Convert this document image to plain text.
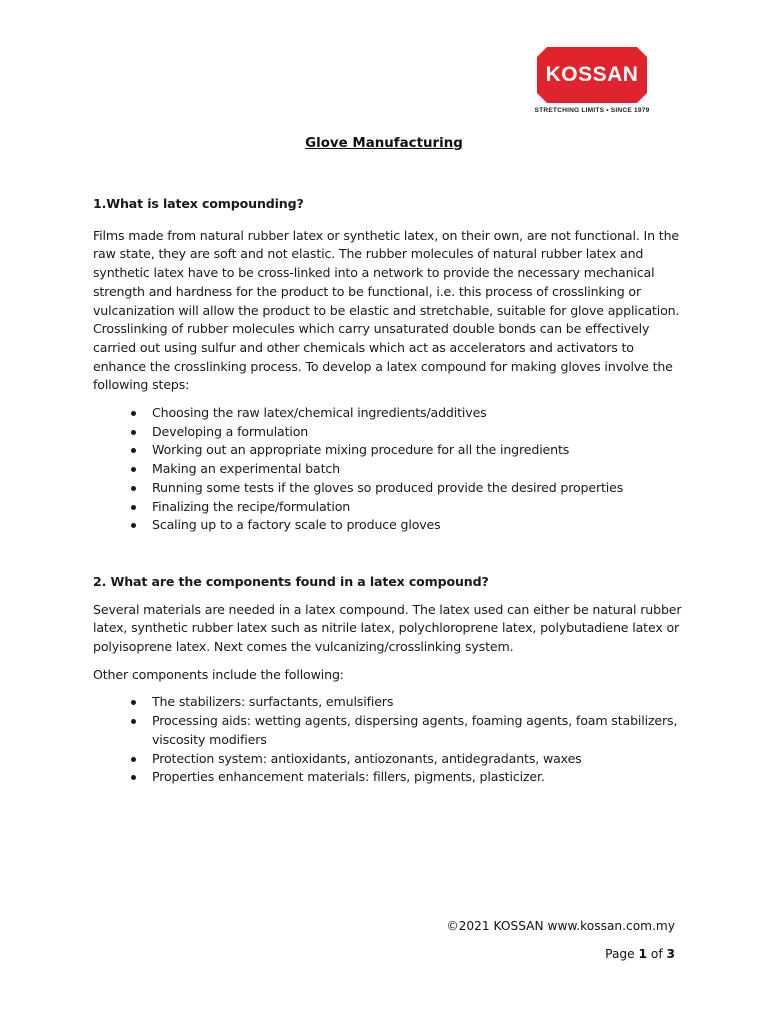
KOSSAN
STRETCHING LIMITS • SINCE 1979
Glove Manufacturing

1.What is latex compounding?

Films made from natural rubber latex or synthetic latex, on their own, are not functional. In the raw state, they are soft and not elastic. The rubber molecules of natural rubber latex and synthetic latex have to be cross-linked into a network to provide the necessary mechanical strength and hardness for the product to be functional, i.e. this process of crosslinking or vulcanization will allow the product to be elastic and stretchable, suitable for glove application. Crosslinking of rubber molecules which carry unsaturated double bonds can be effectively carried out using sulfur and other chemicals which act as accelerators and activators to enhance the crosslinking process. To develop a latex compound for making gloves involve the following steps:

Choosing the raw latex/chemical ingredients/additives
Developing a formulation
Working out an appropriate mixing procedure for all the ingredients
Making an experimental batch
Running some tests if the gloves so produced provide the desired properties
Finalizing the recipe/formulation
Scaling up to a factory scale to produce gloves

2. What are the components found in a latex compound?

Several materials are needed in a latex compound. The latex used can either be natural rubber latex, synthetic rubber latex such as nitrile latex, polychloroprene latex, polybutadiene latex or polyisoprene latex. Next comes the vulcanizing/crosslinking system.

Other components include the following:

The stabilizers: surfactants, emulsifiers
Processing aids: wetting agents, dispersing agents, foaming agents, foam stabilizers, viscosity modifiers
Protection system: antioxidants, antiozonants, antidegradants, waxes
Properties enhancement materials: fillers, pigments, plasticizer.
©2021 KOSSAN www.kossan.com.my
Page 1 of 3
